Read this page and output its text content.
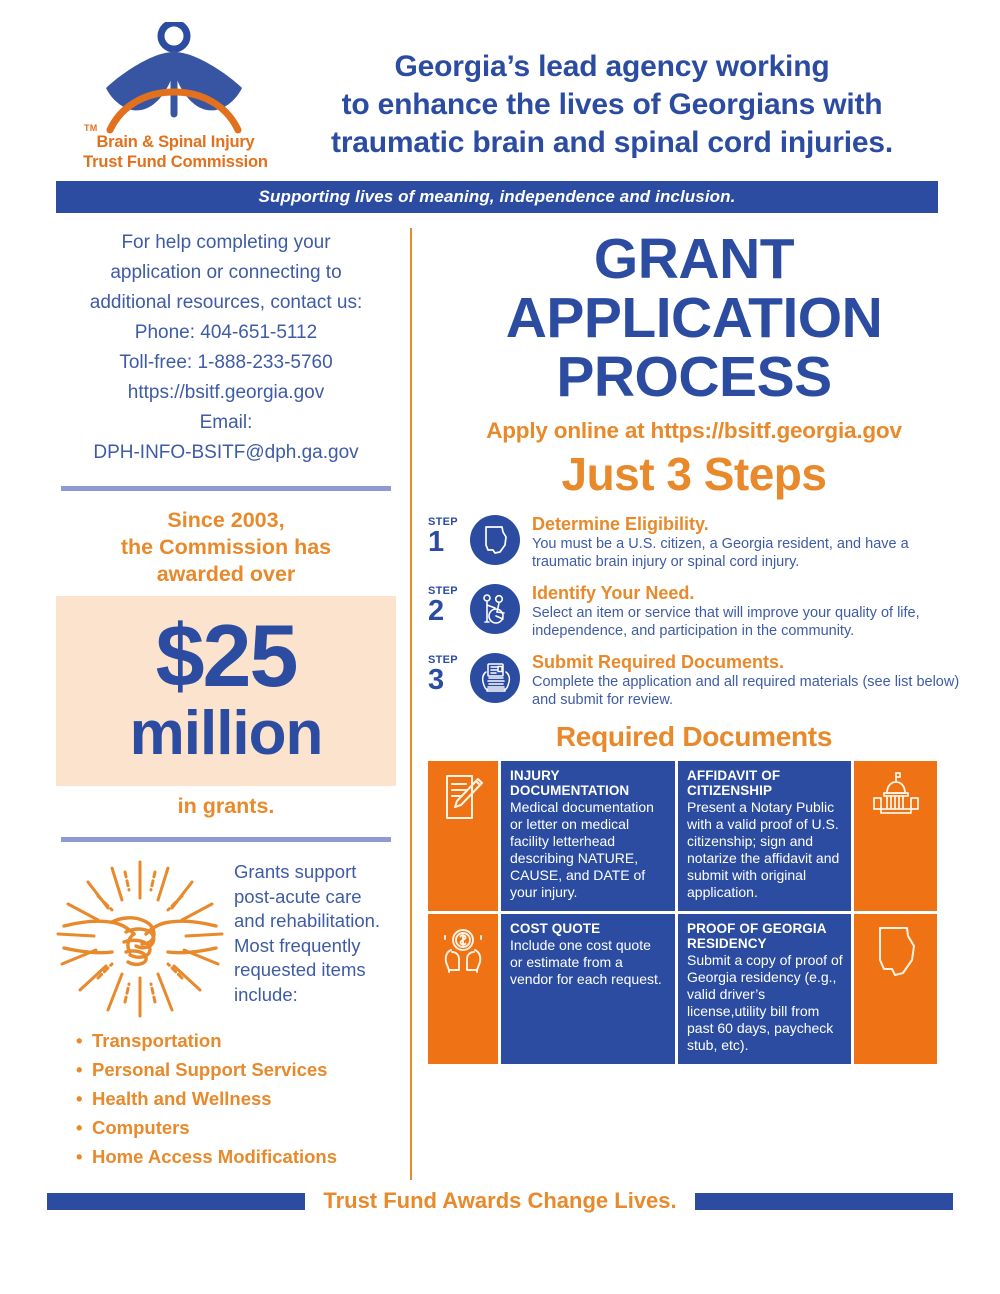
TM
Brain & Spinal Injury
Trust Fund Commission
Georgia’s lead agency working
to enhance the lives of Georgians with
traumatic brain and spinal cord injuries.
Supporting lives of meaning, independence and inclusion.
For help completing your
application or connecting to
additional resources, contact us:
Phone: 404-651-5112
Toll-free: 1-888-233-5760
https://bsitf.georgia.gov
Email:
DPH-INFO-BSITF@dph.ga.gov
Since 2003,
the Commission has
awarded over
$25
million
in grants.
Grants support post-acute care and rehabilitation. Most frequently requested items include:
• Transportation
• Personal Support Services
• Health and Wellness
• Computers
• Home Access Modifications
GRANT
APPLICATION
PROCESS
Apply online at https://bsitf.georgia.gov
Just 3 Steps
STEP
1
Determine Eligibility.
You must be a U.S. citizen, a Georgia resident, and have a traumatic brain injury or spinal cord injury.
STEP
2
Identify Your Need.
Select an item or service that will improve your quality of life, independence, and participation in the community.
STEP
3
Submit Required Documents.
Complete the application and all required materials (see list below) and submit for review.
Required Documents
INJURY DOCUMENTATION
Medical documentation or letter on medical facility letterhead describing NATURE, CAUSE, and DATE of your injury.
AFFIDAVIT OF CITIZENSHIP
Present a Notary Public with a valid proof of U.S. citizenship; sign and notarize the affidavit and submit with original application.
COST QUOTE
Include one cost quote or estimate from a vendor for each request.
PROOF OF GEORGIA RESIDENCY
Submit a copy of proof of Georgia residency (e.g., valid driver’s license,utility bill from past 60 days, paycheck stub, etc).
Trust Fund Awards Change Lives.
